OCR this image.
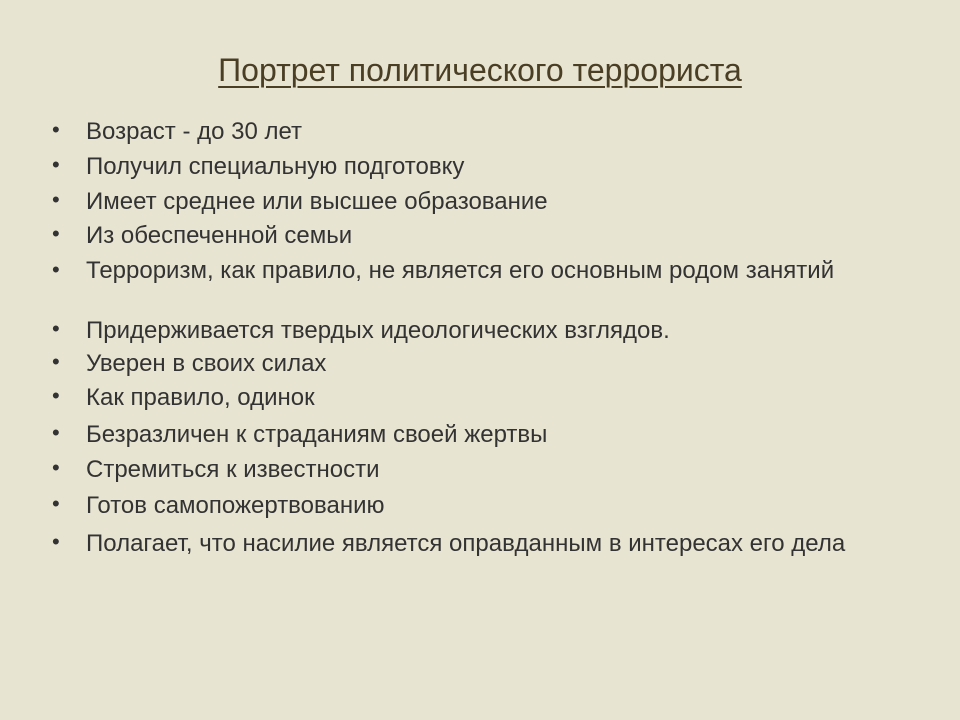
Портрет политического террориста
•	Возраст - до 30 лет
•	Получил специальную подготовку
•	Имеет среднее или высшее образование
•	Из обеспеченной семьи
•	Терроризм, как правило, не является его основным родом занятий
•	Придерживается твердых идеологических взглядов.
•	Уверен в своих силах
•	Как правило, одинок
•	Безразличен к страданиям своей жертвы
•	Стремиться к известности
•	Готов самопожертвованию
•	Полагает, что насилие является оправданным в интересах его дела
